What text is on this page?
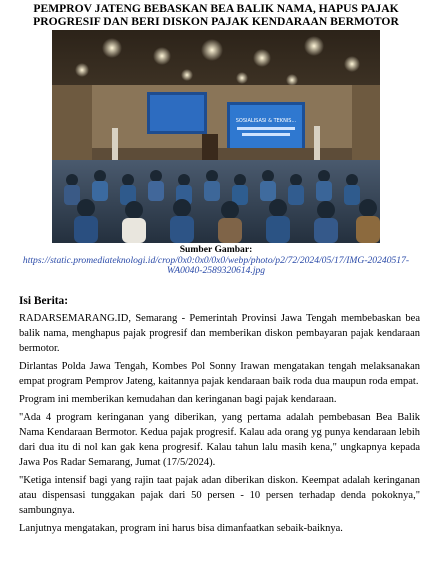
PEMPROV JATENG BEBASKAN BEA BALIK NAMA, HAPUS PAJAK PROGRESIF DAN BERI DISKON PAJAK KENDARAAN BERMOTOR
SOSIALISASI & TEKNIS...
Sumber Gambar:
https://static.promediateknologi.id/crop/0x0:0x0/0x0/webp/photo/p2/72/2024/05/17/IMG-20240517-WA0040-2589320614.jpg
Isi Berita:

RADARSEMARANG.ID, Semarang - Pemerintah Provinsi Jawa Tengah membebaskan bea balik nama, menghapus pajak progresif dan memberikan diskon pembayaran pajak kendaraan bermotor.

Dirlantas Polda Jawa Tengah, Kombes Pol Sonny Irawan mengatakan tengah melaksanakan empat program Pemprov Jateng, kaitannya pajak kendaraan baik roda dua maupun roda empat.

Program ini memberikan kemudahan dan keringanan bagi pajak kendaraan.

"Ada 4 program keringanan yang diberikan, yang pertama adalah pembebasan Bea Balik Nama Kendaraan Bermotor. Kedua pajak progresif. Kalau ada orang yg punya kendaraan lebih dari dua itu di nol kan gak kena progresif. Kalau tahun lalu masih kena," ungkapnya kepada Jawa Pos Radar Semarang, Jumat (17/5/2024).

"Ketiga intensif bagi yang rajin taat pajak adan diberikan diskon. Keempat adalah keringanan atau dispensasi tunggakan pajak dari 50 persen - 10 persen terhadap denda pokoknya," sambungnya.

Lanjutnya mengatakan, program ini harus bisa dimanfaatkan sebaik-baiknya.
